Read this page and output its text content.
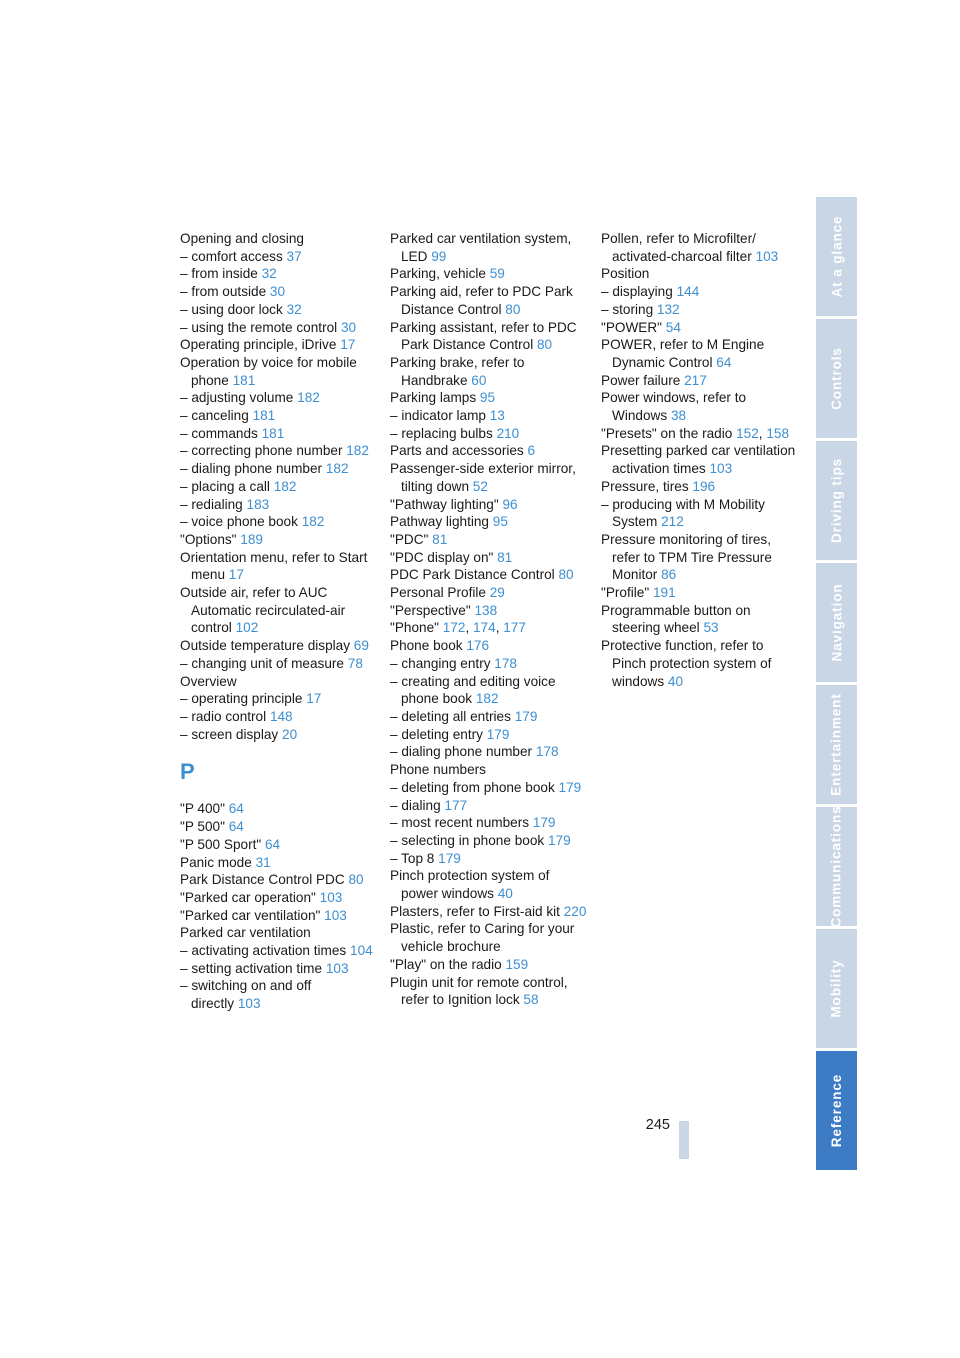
Opening and closing
– comfort access 37
– from inside 32
– from outside 30
– using door lock 32
– using the remote control 30
Operating principle, iDrive 17
Operation by voice for mobile phone 181
– adjusting volume 182
– canceling 181
– commands 181
– correcting phone number 182
– dialing phone number 182
– placing a call 182
– redialing 183
– voice phone book 182
"Options" 189
Orientation menu, refer to Start menu 17
Outside air, refer to AUC Automatic recirculated-air control 102
Outside temperature display 69
– changing unit of measure 78
Overview
– operating principle 17
– radio control 148
– screen display 20
P
"P 400" 64
"P 500" 64
"P 500 Sport" 64
Panic mode 31
Park Distance Control PDC 80
"Parked car operation" 103
"Parked car ventilation" 103
Parked car ventilation
– activating activation times 104
– setting activation time 103
– switching on and off directly 103
Parked car ventilation system, LED 99
Parking, vehicle 59
Parking aid, refer to PDC Park Distance Control 80
Parking assistant, refer to PDC Park Distance Control 80
Parking brake, refer to Handbrake 60
Parking lamps 95
– indicator lamp 13
– replacing bulbs 210
Parts and accessories 6
Passenger-side exterior mirror, tilting down 52
"Pathway lighting" 96
Pathway lighting 95
"PDC" 81
"PDC display on" 81
PDC Park Distance Control 80
Personal Profile 29
"Perspective" 138
"Phone" 172, 174, 177
Phone book 176
– changing entry 178
– creating and editing voice phone book 182
– deleting all entries 179
– deleting entry 179
– dialing phone number 178
Phone numbers
– deleting from phone book 179
– dialing 177
– most recent numbers 179
– selecting in phone book 179
– Top 8 179
Pinch protection system of power windows 40
Plasters, refer to First-aid kit 220
Plastic, refer to Caring for your vehicle brochure
"Play" on the radio 159
Plugin unit for remote control, refer to Ignition lock 58
Pollen, refer to Microfilter/ activated-charcoal filter 103
Position
– displaying 144
– storing 132
"POWER" 54
POWER, refer to M Engine Dynamic Control 64
Power failure 217
Power windows, refer to Windows 38
"Presets" on the radio 152, 158
Presetting parked car ventilation activation times 103
Pressure, tires 196
– producing with M Mobility System 212
Pressure monitoring of tires, refer to TPM Tire Pressure Monitor 86
"Profile" 191
Programmable button on steering wheel 53
Protective function, refer to Pinch protection system of windows 40
At a glance
Controls
Driving tips
Navigation
Entertainment
Communications
Mobility
Reference
245
